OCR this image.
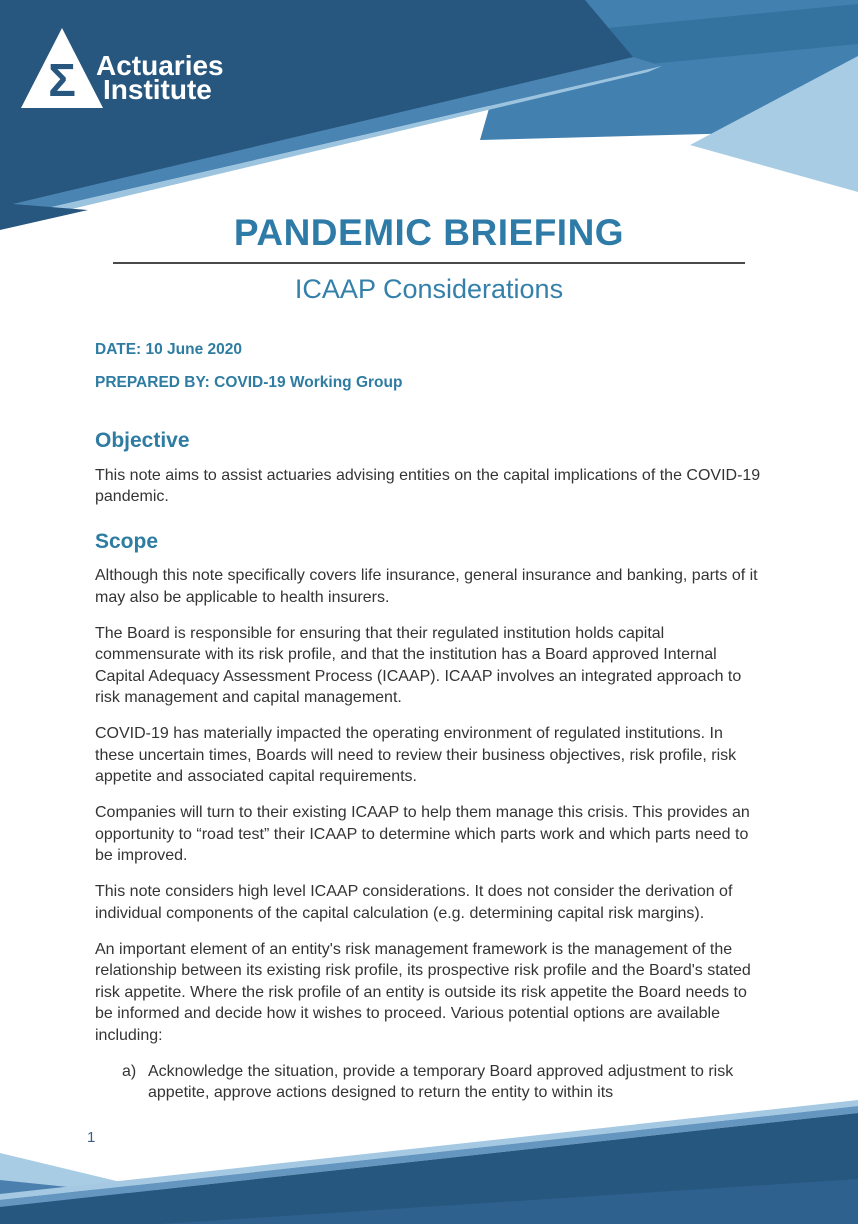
Σ Actuaries
Institute
PANDEMIC BRIEFING
ICAAP Considerations
DATE: 10 June 2020
PREPARED BY: COVID-19 Working Group
Objective

This note aims to assist actuaries advising entities on the capital implications of the COVID-19 pandemic.

Scope

Although this note specifically covers life insurance, general insurance and banking, parts of it may also be applicable to health insurers.

The Board is responsible for ensuring that their regulated institution holds capital commensurate with its risk profile, and that the institution has a Board approved Internal Capital Adequacy Assessment Process (ICAAP). ICAAP involves an integrated approach to risk management and capital management.

COVID-19 has materially impacted the operating environment of regulated institutions. In these uncertain times, Boards will need to review their business objectives, risk profile, risk appetite and associated capital requirements.

Companies will turn to their existing ICAAP to help them manage this crisis. This provides an opportunity to “road test” their ICAAP to determine which parts work and which parts need to be improved.

This note considers high level ICAAP considerations. It does not consider the derivation of individual components of the capital calculation (e.g. determining capital risk margins).

An important element of an entity's risk management framework is the management of the relationship between its existing risk profile, its prospective risk profile and the Board's stated risk appetite. Where the risk profile of an entity is outside its risk appetite the Board needs to be informed and decide how it wishes to proceed. Various potential options are available including:

a) Acknowledge the situation, provide a temporary Board approved adjustment to risk appetite, approve actions designed to return the entity to within its
1
